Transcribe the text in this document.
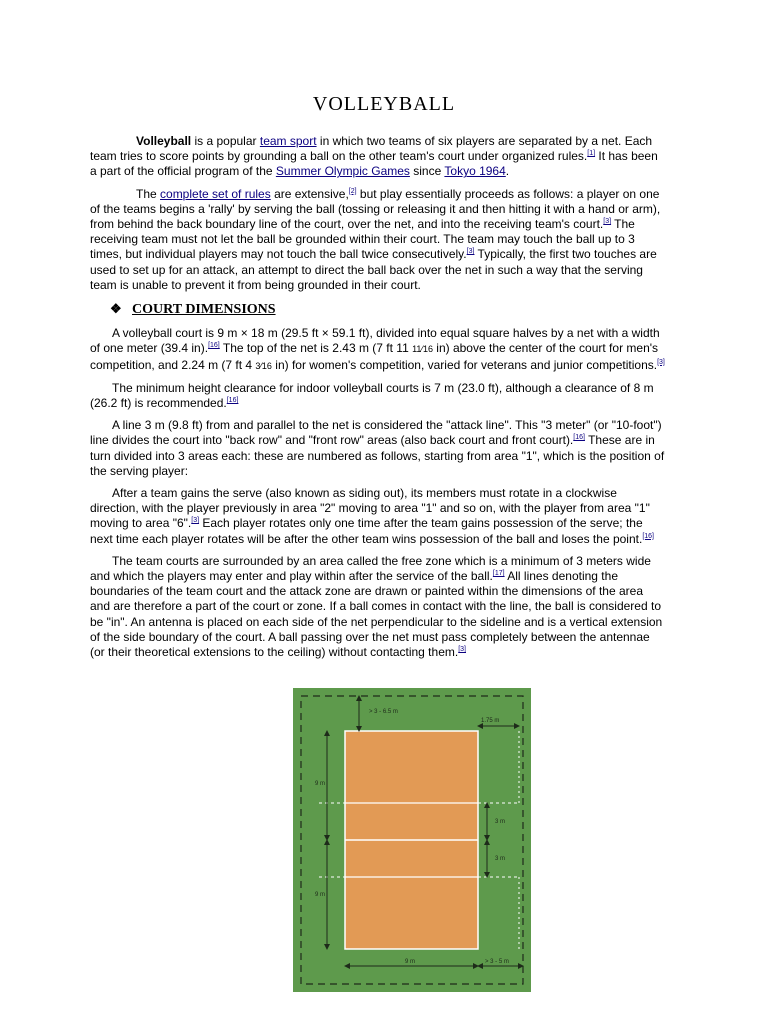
VOLLEYBALL

Volleyball is a popular team sport in which two teams of six players are separated by a net. Each team tries to score points by grounding a ball on the other team's court under organized rules.[1] It has been a part of the official program of the Summer Olympic Games since Tokyo 1964.

The complete set of rules are extensive,[2] but play essentially proceeds as follows: a player on one of the teams begins a 'rally' by serving the ball (tossing or releasing it and then hitting it with a hand or arm), from behind the back boundary line of the court, over the net, and into the receiving team's court.[3] The receiving team must not let the ball be grounded within their court. The team may touch the ball up to 3 times, but individual players may not touch the ball twice consecutively.[3] Typically, the first two touches are used to set up for an attack, an attempt to direct the ball back over the net in such a way that the serving team is unable to prevent it from being grounded in their court.

❖ COURT DIMENSIONS

A volleyball court is 9 m × 18 m (29.5 ft × 59.1 ft), divided into equal square halves by a net with a width of one meter (39.4 in).[16] The top of the net is 2.43 m (7 ft 11 11⁄16 in) above the center of the court for men's competition, and 2.24 m (7 ft 4 3⁄16 in) for women's competition, varied for veterans and junior competitions.[3]

The minimum height clearance for indoor volleyball courts is 7 m (23.0 ft), although a clearance of 8 m (26.2 ft) is recommended.[16]

A line 3 m (9.8 ft) from and parallel to the net is considered the "attack line". This "3 meter" (or "10-foot") line divides the court into "back row" and "front row" areas (also back court and front court).[16] These are in turn divided into 3 areas each: these are numbered as follows, starting from area "1", which is the position of the serving player:

After a team gains the serve (also known as siding out), its members must rotate in a clockwise direction, with the player previously in area "2" moving to area "1" and so on, with the player from area "1" moving to area "6".[3] Each player rotates only one time after the team gains possession of the serve; the next time each player rotates will be after the other team wins possession of the ball and loses the point.[16]

The team courts are surrounded by an area called the free zone which is a minimum of 3 meters wide and which the players may enter and play within after the service of the ball.[17] All lines denoting the boundaries of the team court and the attack zone are drawn or painted within the dimensions of the area and are therefore a part of the court or zone. If a ball comes in contact with the line, the ball is considered to be "in". An antenna is placed on each side of the net perpendicular to the sideline and is a vertical extension of the side boundary of the court. A ball passing over the net must pass completely between the antennae (or their theoretical extensions to the ceiling) without contacting them.[3]

> 3 - 6.5 m
1.75 m
9 m
3 m
3 m
9 m
9 m	> 3 - 5 m
